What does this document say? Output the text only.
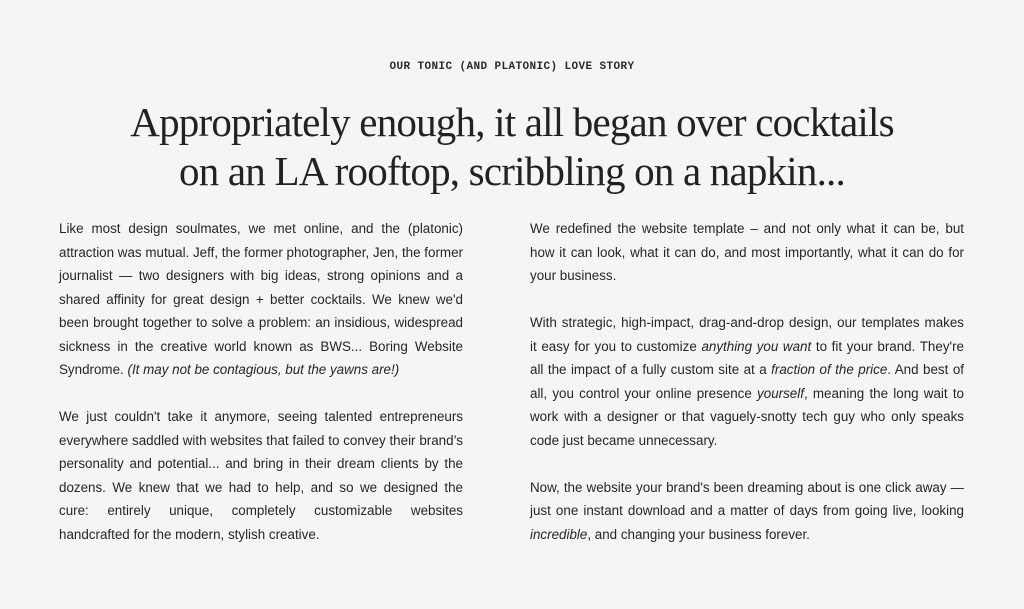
OUR TONIC (AND PLATONIC) LOVE STORY
Appropriately enough, it all began over cocktails
on an LA rooftop, scribbling on a napkin...

Like most design soulmates, we met online, and the (platonic) attraction was mutual. Jeff, the former photographer, Jen, the former journalist — two designers with big ideas, strong opinions and a shared affinity for great design + better cocktails. We knew we'd been brought together to solve a problem: an insidious, widespread sickness in the creative world known as BWS... Boring Website Syndrome. (It may not be contagious, but the yawns are!)

We just couldn't take it anymore, seeing talented entrepreneurs everywhere saddled with websites that failed to convey their brand’s personality and potential... and bring in their dream clients by the dozens. We knew that we had to help, and so we designed the cure: entirely unique, completely customizable websites handcrafted for the modern, stylish creative.

We redefined the website template – and not only what it can be, but how it can look, what it can do, and most importantly, what it can do for your business.

With strategic, high-impact, drag-and-drop design, our templates makes it easy for you to customize anything you want to fit your brand. They're all the impact of a fully custom site at a fraction of the price. And best of all, you control your online presence yourself, meaning the long wait to work with a designer or that vaguely-snotty tech guy who only speaks code just became unnecessary.

Now, the website your brand's been dreaming about is one click away — just one instant download and a matter of days from going live, looking incredible, and changing your business forever.
